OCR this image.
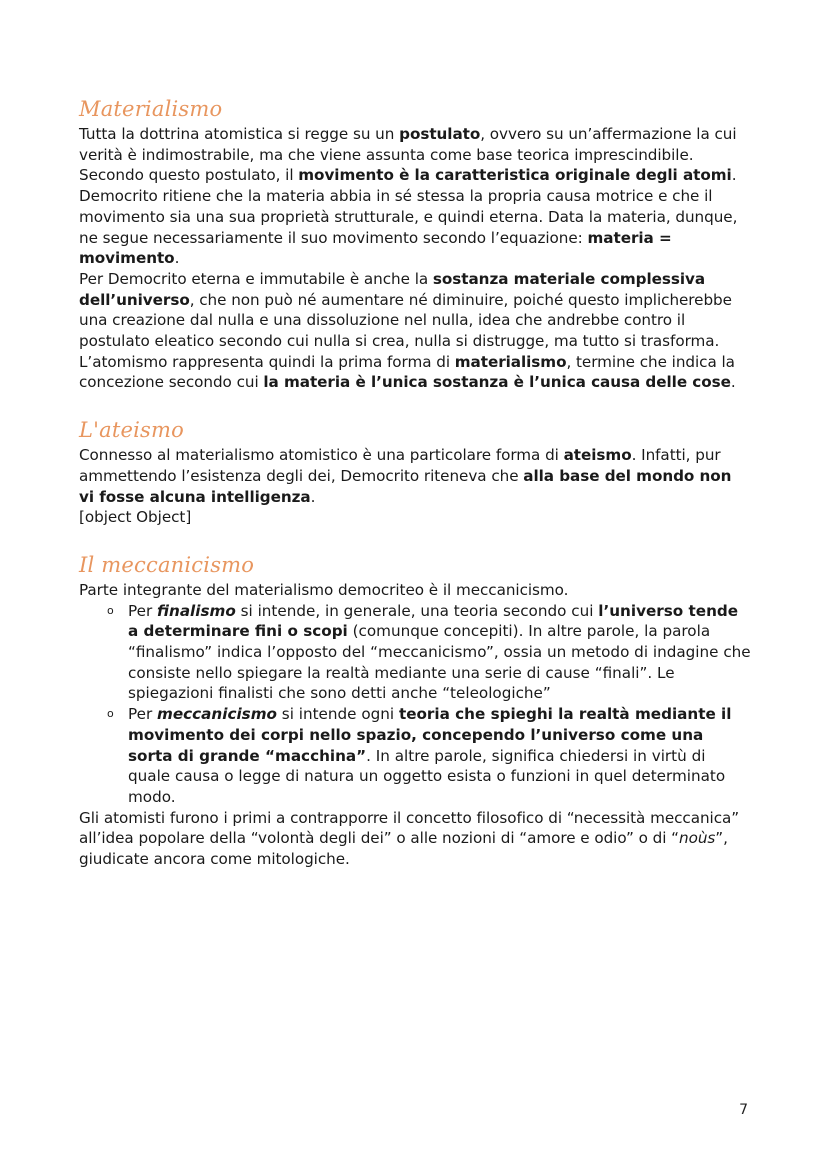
Materialismo

Tutta la dottrina atomistica si regge su un postulato, ovvero su un’affermazione la cui verità è indimostrabile, ma che viene assunta come base teorica imprescindibile. Secondo questo postulato, il movimento è la caratteristica originale degli atomi.

Democrito ritiene che la materia abbia in sé stessa la propria causa motrice e che il movimento sia una sua proprietà strutturale, e quindi eterna. Data la materia, dunque, ne segue necessariamente il suo movimento secondo l’equazione: materia = movimento.

Per Democrito eterna e immutabile è anche la sostanza materiale complessiva dell’universo, che non può né aumentare né diminuire, poiché questo implicherebbe una creazione dal nulla e una dissoluzione nel nulla, idea che andrebbe contro il postulato eleatico secondo cui nulla si crea, nulla si distrugge, ma tutto si trasforma.

L’atomismo rappresenta quindi la prima forma di materialismo, termine che indica la concezione secondo cui la materia è l’unica sostanza è l’unica causa delle cose.

L'ateismo

Connesso al materialismo atomistico è una particolare forma di ateismo. Infatti, pur ammettendo l’esistenza degli dei, Democrito riteneva che alla base del mondo non vi fosse alcuna intelligenza.

[object Object]

Il meccanicismo

Parte integrante del materialismo democriteo è il meccanicismo.

o Per finalismo si intende, in generale, una teoria secondo cui l’universo tende a determinare fini o scopi (comunque concepiti). In altre parole, la parola “finalismo” indica l’opposto del “meccanicismo”, ossia un metodo di indagine che consiste nello spiegare la realtà mediante una serie di cause “finali”. Le spiegazioni finalisti che sono detti anche “teleologiche”
o Per meccanicismo si intende ogni teoria che spieghi la realtà mediante il movimento dei corpi nello spazio, concependo l’universo come una sorta di grande “macchina”. In altre parole, significa chiedersi in virtù di quale causa o legge di natura un oggetto esista o funzioni in quel determinato modo.

Gli atomisti furono i primi a contrapporre il concetto filosofico di “necessità meccanica” all’idea popolare della “volontà degli dei” o alle nozioni di “amore e odio” o di “noùs”, giudicate ancora come mitologiche.

7
